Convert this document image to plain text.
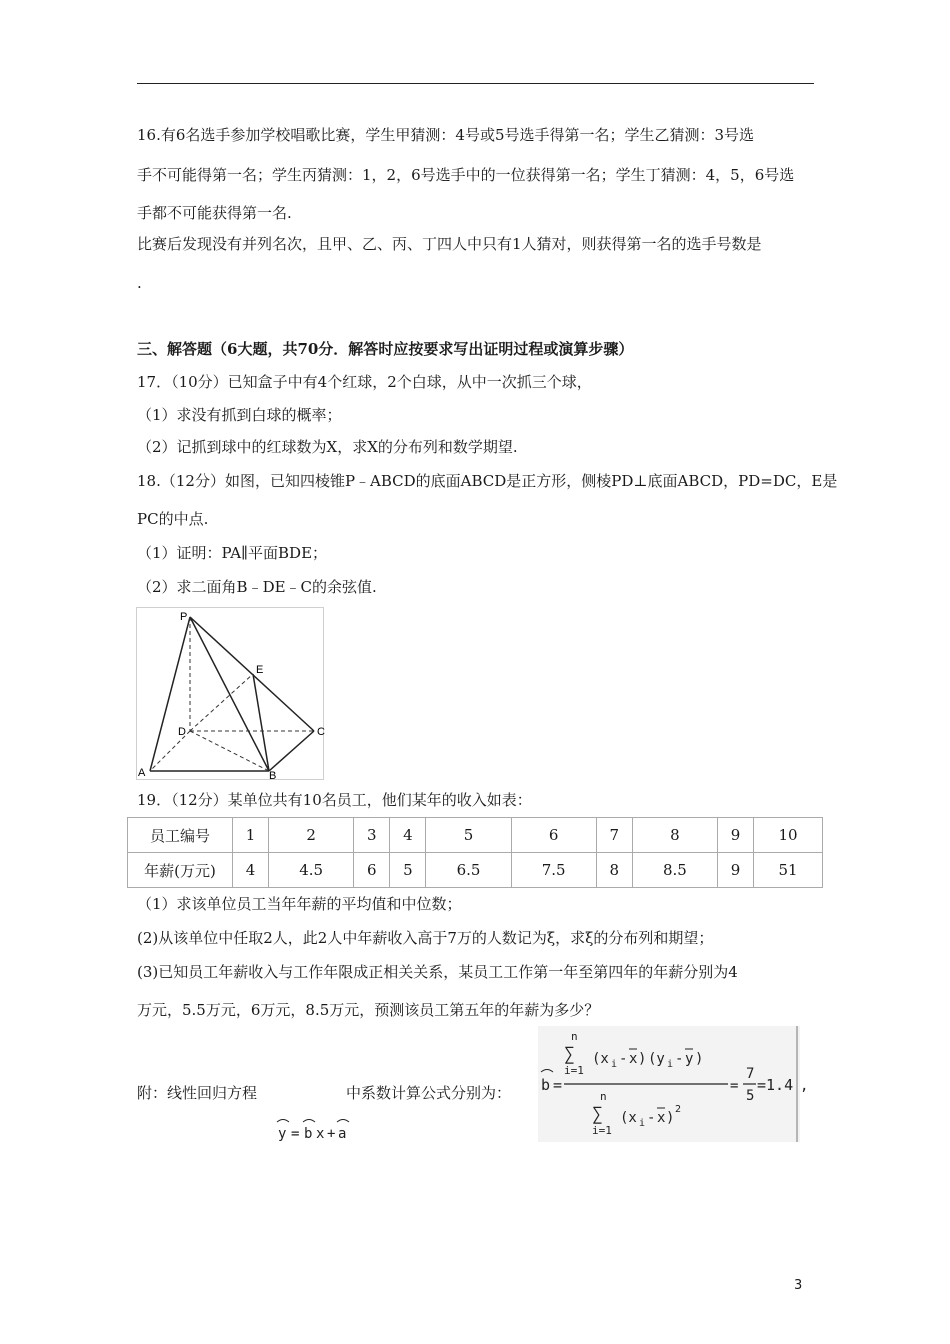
16.有6名选手参加学校唱歌比赛，学生甲猜测：4号或5号选手得第一名；学生乙猜测：3号选
手不可能得第一名；学生丙猜测：1，2，6号选手中的一位获得第一名；学生丁猜测：4，5，6号选
手都不可能获得第一名.
比赛后发现没有并列名次，且甲、乙、丙、丁四人中只有1人猜对，则获得第一名的选手号数是
.
三、解答题（6大题，共70分．解答时应按要求写出证明过程或演算步骤）
17．（10分）已知盒子中有4个红球，2个白球，从中一次抓三个球，
（1）求没有抓到白球的概率；
（2）记抓到球中的红球数为X，求X的分布列和数学期望.
18.（12分）如图，已知四棱锥P﹣ABCD的底面ABCD是正方形，侧棱PD⊥底面ABCD，PD=DC，E是
PC的中点.
（1）证明：PA∥平面BDE；
（2）求二面角B﹣DE﹣C的余弦值.
P
E
D	C
A	B
19．（12分）某单位共有10名员工，他们某年的收入如表：
员工编号	1	2	3	4	5	6	7	8	9	10
年薪(万元)	4	4.5	6	5	6.5	7.5	8	8.5	9	51
（1）求该单位员工当年年薪的平均值和中位数；
(2)从该单位中任取2人，此2人中年薪收入高于7万的人数记为ξ，求ξ的分布列和期望；
(3)已知员工年薪收入与工作年限成正相关关系，某员工工作第一年至第四年的年薪分别为4
万元，5.5万元，6万元，8.5万元，预测该员工第五年的年薪为多少？
附：线性回归方程	中系数计算公式分别为：
y = b x + a
b =
n
∑
i=1
(x i - x ) (y i - y )
n
∑
i=1
(x i - x )
2
=
7
5
=1.4 ,
3
